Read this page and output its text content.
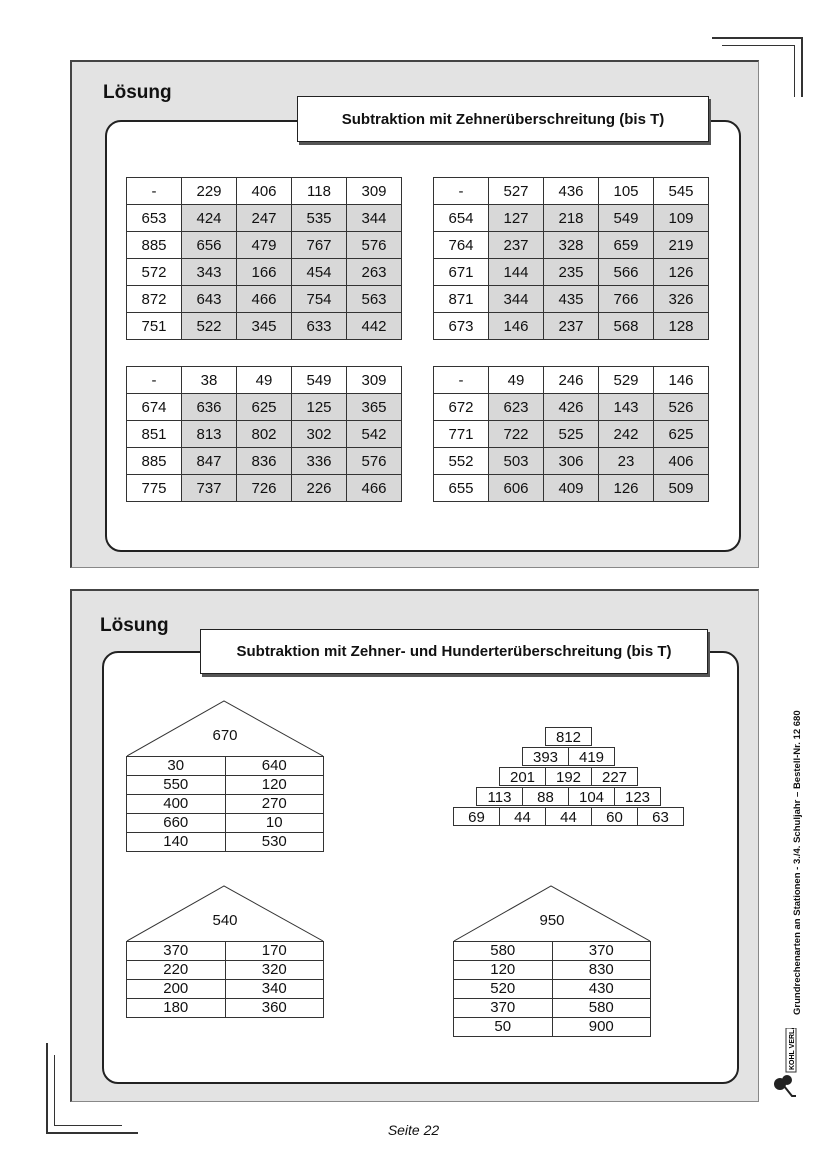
Lösung
Subtraktion mit Zehnerüberschreitung (bis T)
-	229	406	118	309
653	424	247	535	344
885	656	479	767	576
572	343	166	454	263
872	643	466	754	563
751	522	345	633	442
-	527	436	105	545
654	127	218	549	109
764	237	328	659	219
671	144	235	566	126
871	344	435	766	326
673	146	237	568	128
-	38	49	549	309
674	636	625	125	365
851	813	802	302	542
885	847	836	336	576
775	737	726	226	466
-	49	246	529	146
672	623	426	143	526
771	722	525	242	625
552	503	306	23	406
655	606	409	126	509
Lösung
Subtraktion mit Zehner- und Hunderterüberschreitung (bis T)
670
30	640
550	120
400	270
660	10
140	530
540
370	170
220	320
200	340
180	360
950
580	370
120	830
520	430
370	580
50	900
812
393	419
201	192	227
113	88	104	123
69	44	44	60	63	Grundrechenarten an Stationen - 3./4. Schuljahr – Bestell-Nr. 12 680
KOHL VERLAG
Seite 22
